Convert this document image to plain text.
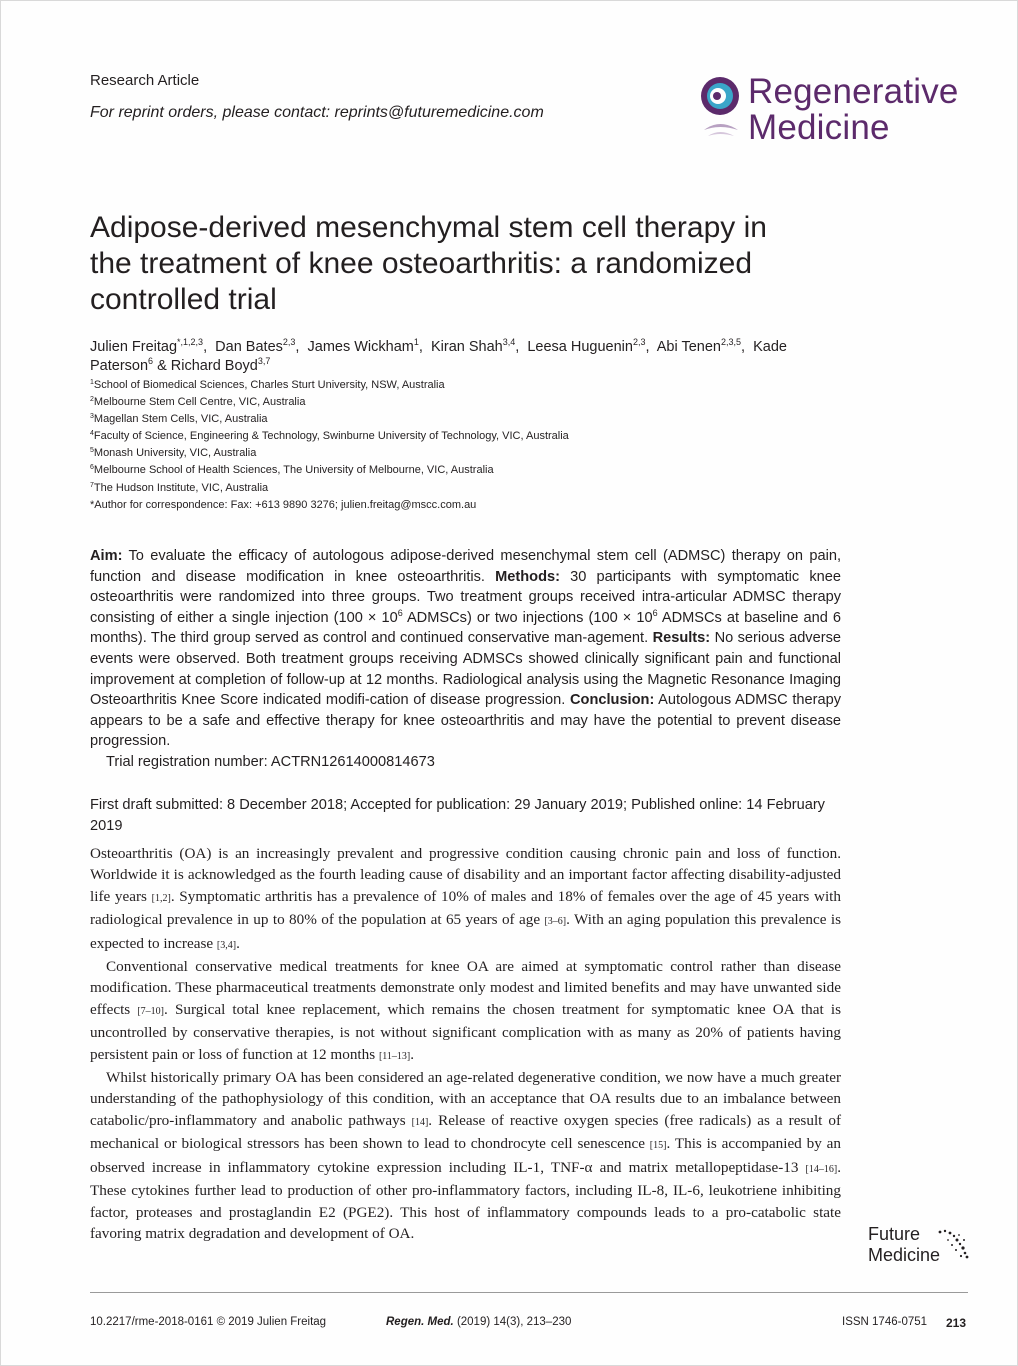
Research Article
For reprint orders, please contact: reprints@futuremedicine.com
Regenerative
Medicine
Adipose-derived mesenchymal stem cell therapy in the treatment of knee osteoarthritis: a randomized controlled trial
Julien Freitag$^{*,1,2,3}$,  Dan Bates$^{2,3}$,  James Wickham$^1$,  Kiran Shah$^{3,4}$,  Leesa Huguenin$^{2,3}$,  Abi Tenen$^{2,3,5}$,  Kade Paterson$^6$ & Richard Boyd$^{3,7}$
$^1$School of Biomedical Sciences, Charles Sturt University, NSW, Australia
$^2$Melbourne Stem Cell Centre, VIC, Australia
$^3$Magellan Stem Cells, VIC, Australia
$^4$Faculty of Science, Engineering & Technology, Swinburne University of Technology, VIC, Australia
$^5$Monash University, VIC, Australia
$^6$Melbourne School of Health Sciences, The University of Melbourne, VIC, Australia
$^7$The Hudson Institute, VIC, Australia
*Author for correspondence: Fax: +613 9890 3276; julien.freitag@mscc.com.au
Aim: To evaluate the efficacy of autologous adipose-derived mesenchymal stem cell (ADMSC) therapy on pain, function and disease modification in knee osteoarthritis. Methods: 30 participants with symptomatic knee osteoarthritis were randomized into three groups. Two treatment groups received intra-articular ADMSC therapy consisting of either a single injection ($100 \times 10^6$ ADMSCs) or two injections ($100 \times 10^6$ ADMSCs at baseline and 6 months). The third group served as control and continued conservative man-agement. Results: No serious adverse events were observed. Both treatment groups receiving ADMSCs showed clinically significant pain and functional improvement at completion of follow-up at 12 months. Radiological analysis using the Magnetic Resonance Imaging Osteoarthritis Knee Score indicated modifi-cation of disease progression. Conclusion: Autologous ADMSC therapy appears to be a safe and effective therapy for knee osteoarthritis and may have the potential to prevent disease progression.
Trial registration number: ACTRN12614000814673
First draft submitted: 8 December 2018; Accepted for publication: 29 January 2019; Published online: 14 February 2019

Osteoarthritis (OA) is an increasingly prevalent and progressive condition causing chronic pain and loss of function. Worldwide it is acknowledged as the fourth leading cause of disability and an important factor affecting disability-adjusted life years [1,2]. Symptomatic arthritis has a prevalence of 10% of males and 18% of females over the age of 45 years with radiological prevalence in up to 80% of the population at 65 years of age [3–6]. With an aging population this prevalence is expected to increase [3,4].

Conventional conservative medical treatments for knee OA are aimed at symptomatic control rather than disease modification. These pharmaceutical treatments demonstrate only modest and limited benefits and may have unwanted side effects [7–10]. Surgical total knee replacement, which remains the chosen treatment for symptomatic knee OA that is uncontrolled by conservative therapies, is not without significant complication with as many as 20% of patients having persistent pain or loss of function at 12 months [11–13].

Whilst historically primary OA has been considered an age-related degenerative condition, we now have a much greater understanding of the pathophysiology of this condition, with an acceptance that OA results due to an imbalance between catabolic/pro-inflammatory and anabolic pathways [14]. Release of reactive oxygen species (free radicals) as a result of mechanical or biological stressors has been shown to lead to chondrocyte cell senescence [15]. This is accompanied by an observed increase in inflammatory cytokine expression including IL-1, TNF-α and matrix metallopeptidase-13 [14–16]. These cytokines further lead to production of other pro-inflammatory factors, including IL-8, IL-6, leukotriene inhibiting factor, proteases and prostaglandin E2 (PGE2). This host of inflammatory compounds leads to a pro-catabolic state favoring matrix degradation and development of OA.	Future
Medicine
10.2217/rme-2018-0161 © 2019 Julien Freitag	Regen. Med. (2019) 14(3), 213–230	ISSN 1746-0751 213
